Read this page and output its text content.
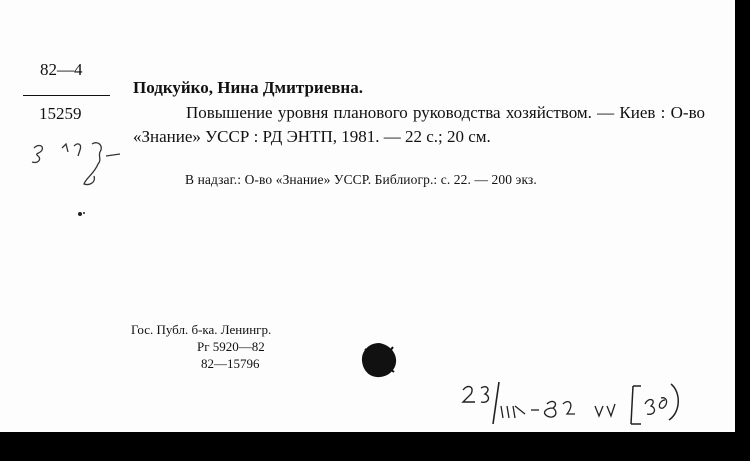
82—4
15259
Подкуйко, Нина Дмитриевна.
Повышение уровня планового руководства хозяйством. — Киев : О-во «Знание» УССР : РД ЭНТП, 1981. — 22 с.; 20 см.
В надзаг.: О-во «Знание» УССР. Библиогр.: с. 22. — 200 экз.
Гос. Публ. б-ка. Ленингр.
Рг 5920—82
82—15796
